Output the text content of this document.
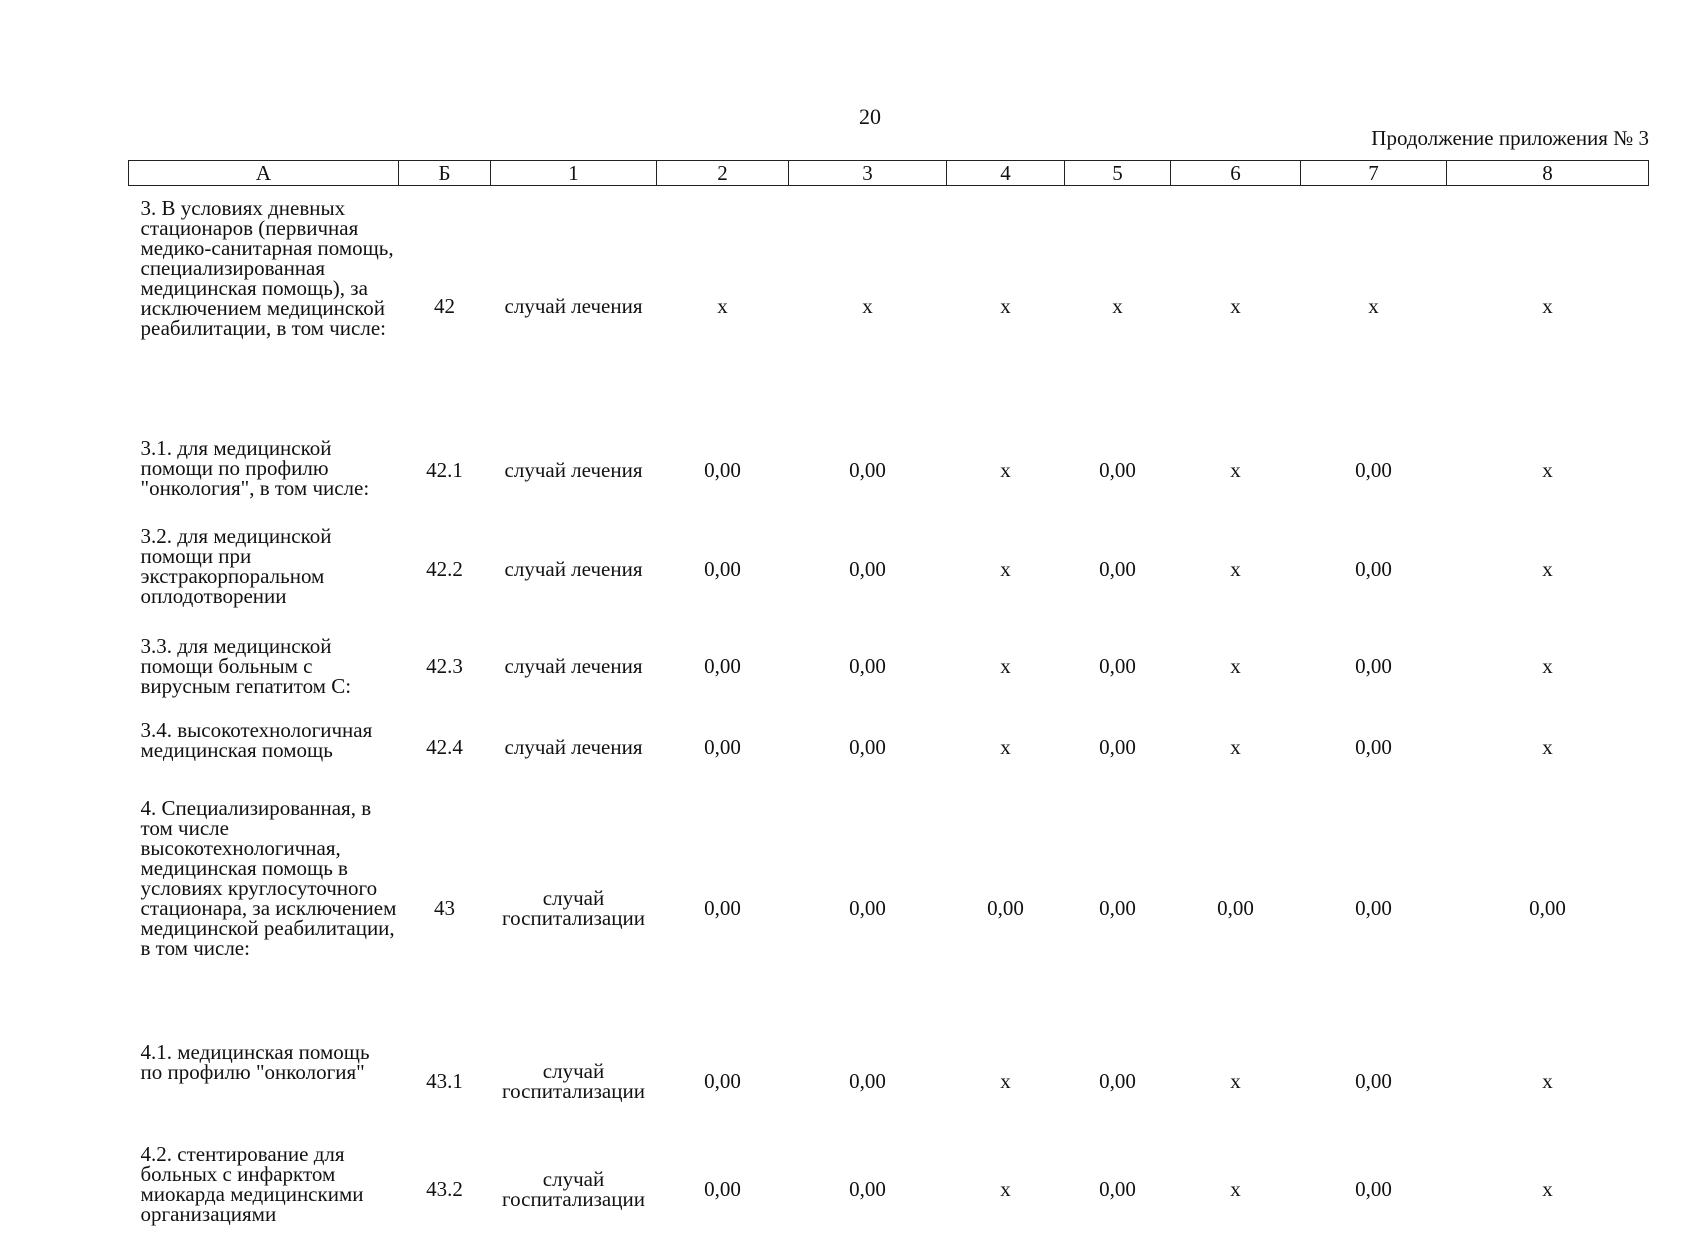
20
Продолжение приложения № 3
А	Б	1	2	3	4	5	6	7	8
3. В условиях дневных стационаров (первичная медико-санитарная помощь, специализированная медицинская помощь), за исключением медицинской реабилитации, в том числе:	42	случай лечения	х	х	х	х	х	х	х
3.1. для медицинской помощи по профилю "онкология", в том числе:	42.1	случай лечения	0,00	0,00	х	0,00	х	0,00	х
3.2. для медицинской помощи при экстракорпоральном оплодотворении	42.2	случай лечения	0,00	0,00	х	0,00	х	0,00	х
3.3. для медицинской помощи больным с вирусным гепатитом С:	42.3	случай лечения	0,00	0,00	х	0,00	х	0,00	х
3.4. высокотехнологичная медицинская помощь	42.4	случай лечения	0,00	0,00	х	0,00	х	0,00	х
4. Специализированная, в том числе высокотехнологичная, медицинская помощь в условиях круглосуточного стационара, за исключением медицинской реабилитации, в том числе:	43	случай госпитализации	0,00	0,00	0,00	0,00	0,00	0,00	0,00
4.1. медицинская помощь по профилю "онкология"	43.1	случай госпитализации	0,00	0,00	х	0,00	х	0,00	х
4.2. стентирование для больных с инфарктом миокарда медицинскими организациями	43.2	случай госпитализации	0,00	0,00	х	0,00	х	0,00	х
